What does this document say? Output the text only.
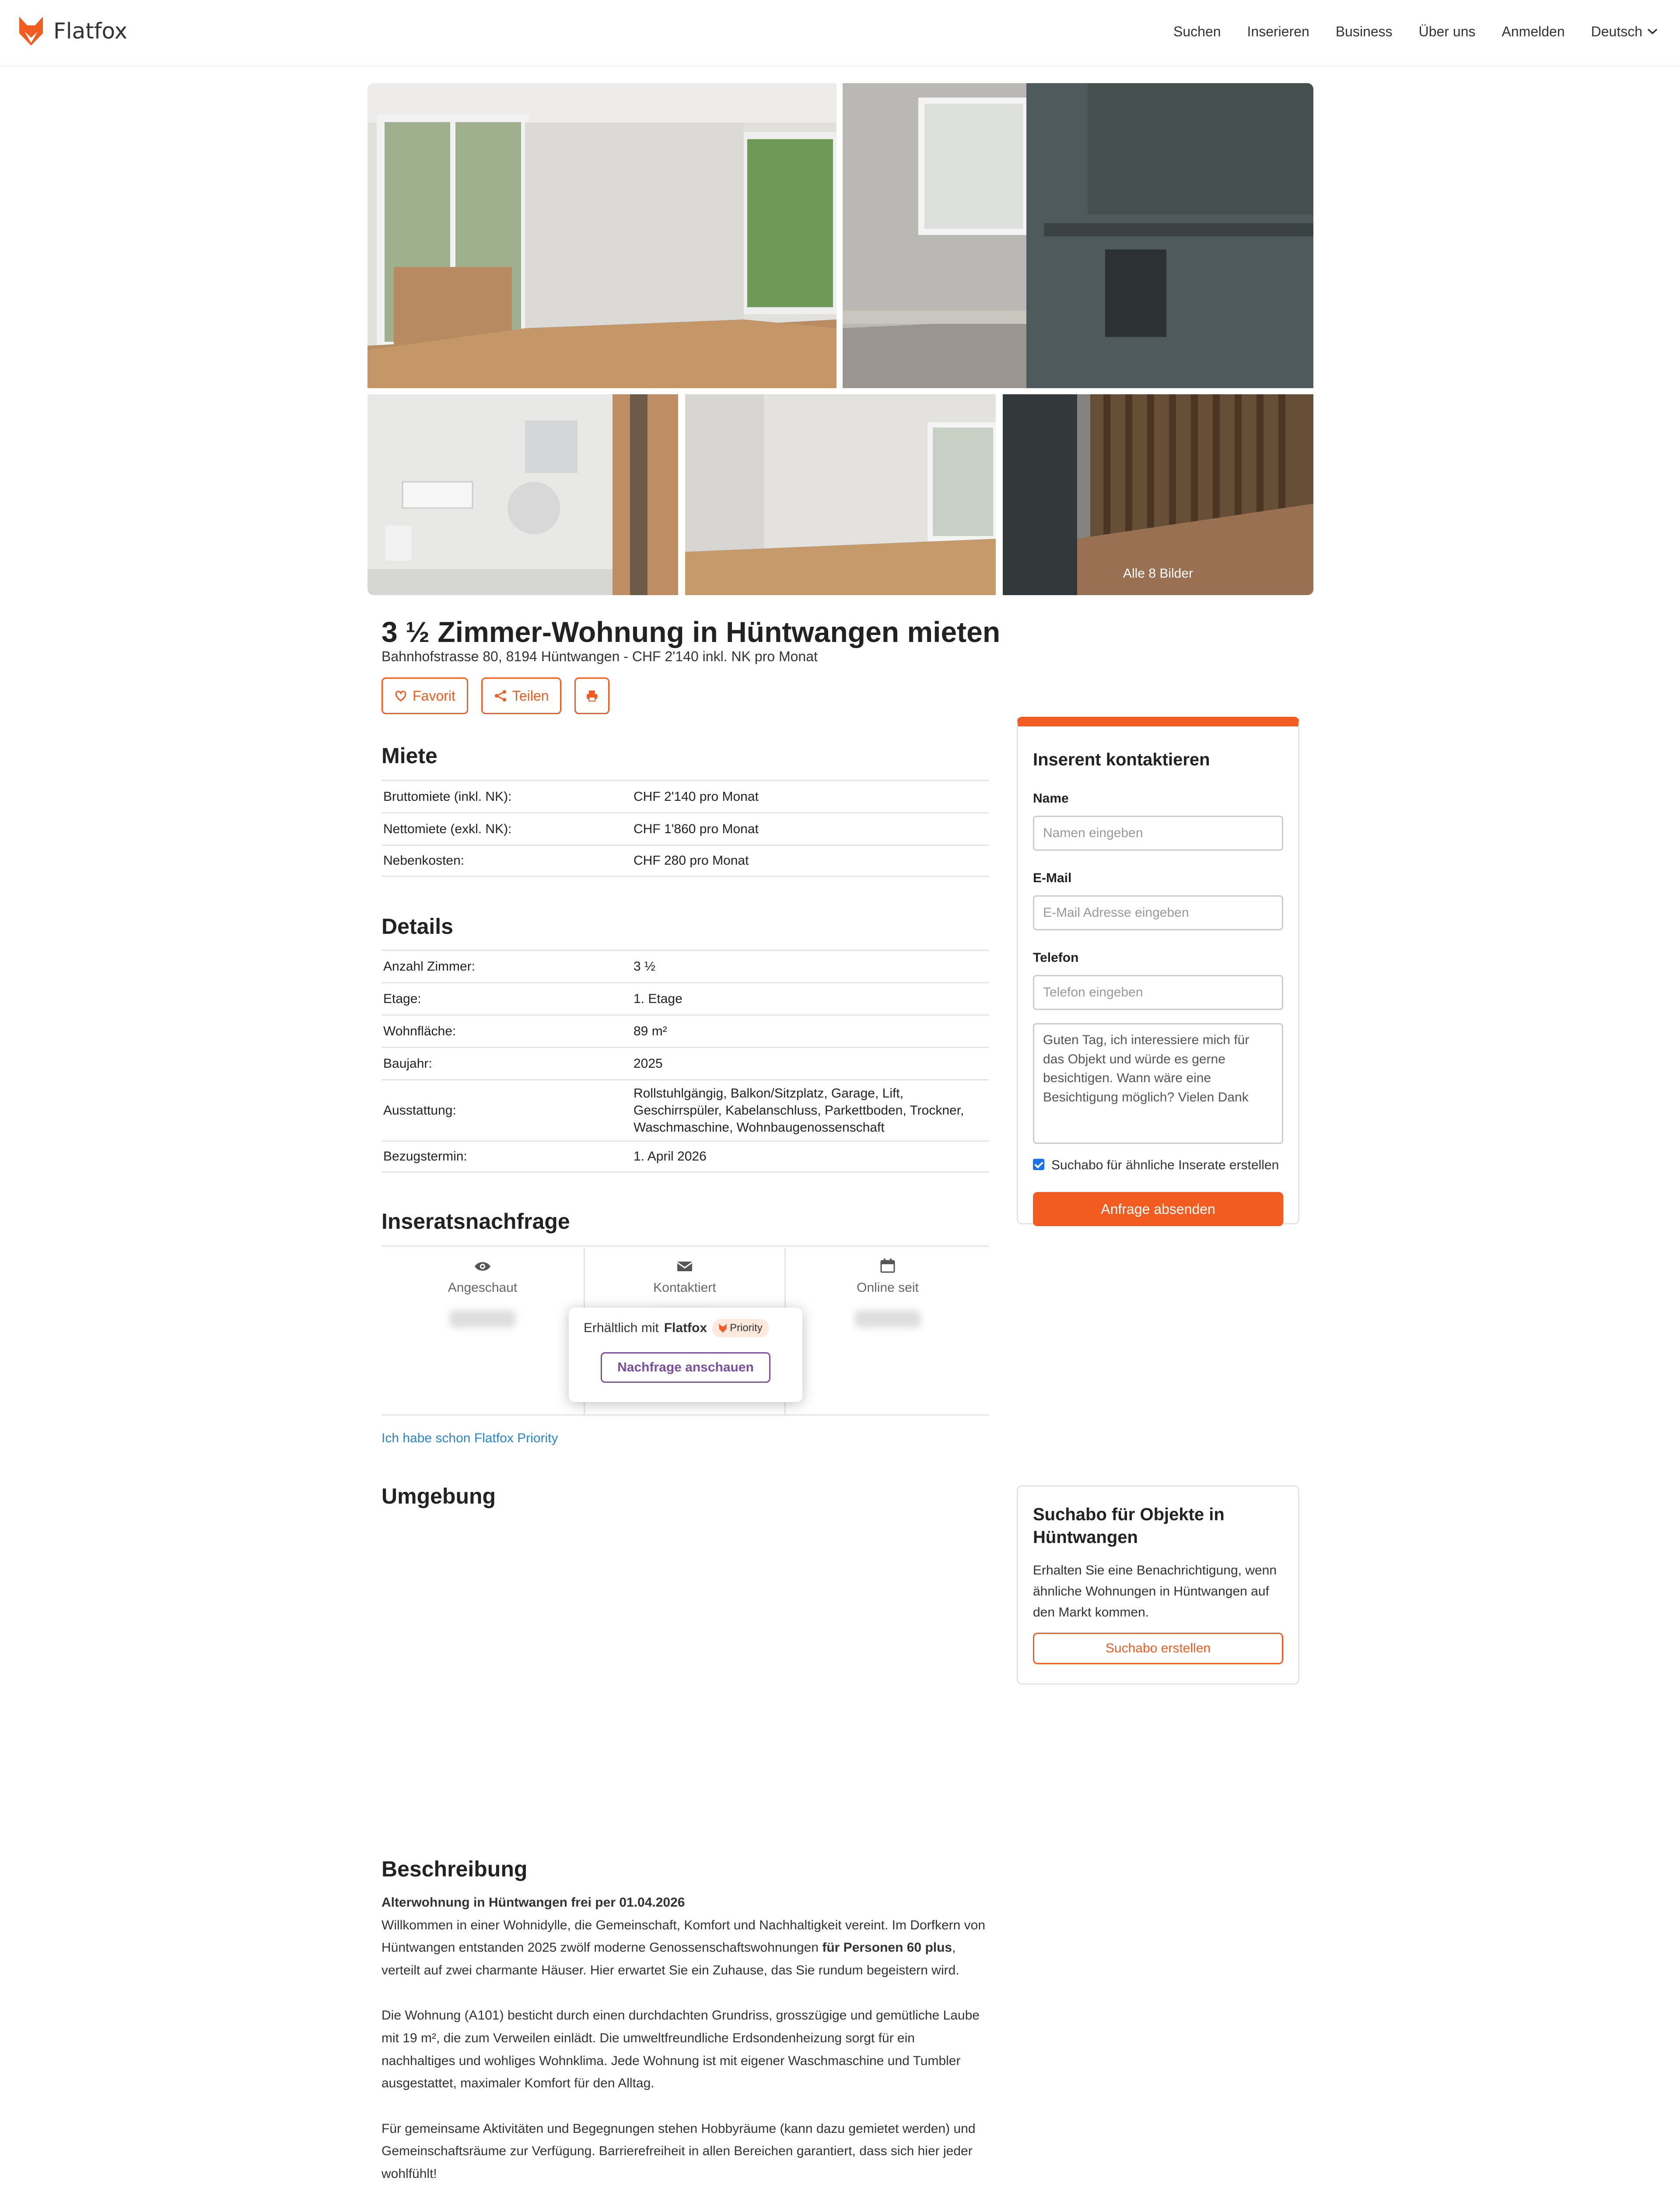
Flatfox	Suchen Inserieren Business Über uns Anmelden Deutsch
Alle 8 Bilder
3 ½ Zimmer-Wohnung in Hüntwangen mieten
Bahnhofstrasse 80, 8194 Hüntwangen - CHF 2'140 inkl. NK pro Monat
Favorit	Teilen
Miete
Bruttomiete (inkl. NK):	CHF 2'140 pro Monat
Nettomiete (exkl. NK):	CHF 1'860 pro Monat
Nebenkosten:	CHF 280 pro Monat
Details
Anzahl Zimmer:	3 ½
Etage:	1. Etage
Wohnfläche:	89 m²
Baujahr:	2025
Ausstattung:
Rollstuhlgängig, Balkon/Sitzplatz, Garage, Lift, Geschirrspüler, Kabelanschluss, Parkettboden, Trockner, Waschmaschine, Wohnbaugenossenschaft
Bezugstermin:	1. April 2026
Inseratsnachfrage
Angeschaut	Kontaktiert	Online seit
Erhältlich mit Flatfox Priority
Nachfrage anschauen
Ich habe schon Flatfox Priority
Inserent kontaktieren
Name
Namen eingeben
E-Mail
E-Mail Adresse eingeben
Telefon
Telefon eingeben
Guten Tag, ich interessiere mich für das Objekt und würde es gerne besichtigen. Wann wäre eine Besichtigung möglich? Vielen Dank
Suchabo für ähnliche Inserate erstellen
Anfrage absenden
Umgebung
Suchabo für Objekte in Hüntwangen

Erhalten Sie eine Benachrichtigung, wenn ähnliche Wohnungen in Hüntwangen auf den Markt kommen.

Suchabo erstellen
Beschreibung

Alterwohnung in Hüntwangen frei per 01.04.2026

Willkommen in einer Wohnidylle, die Gemeinschaft, Komfort und Nachhaltigkeit vereint. Im Dorfkern von Hüntwangen entstanden 2025 zwölf moderne Genossenschaftswohnungen für Personen 60 plus, verteilt auf zwei charmante Häuser. Hier erwartet Sie ein Zuhause, das Sie rundum begeistern wird.

Die Wohnung (A101) besticht durch einen durchdachten Grundriss, grosszügige und gemütliche Laube mit 19 m², die zum Verweilen einlädt. Die umweltfreundliche Erdsondenheizung sorgt für ein nachhaltiges und wohliges Wohnklima. Jede Wohnung ist mit eigener Waschmaschine und Tumbler ausgestattet, maximaler Komfort für den Alltag.

Für gemeinsame Aktivitäten und Begegnungen stehen Hobbyräume (kann dazu gemietet werden) und Gemeinschaftsräume zur Verfügung. Barrierefreiheit in allen Bereichen garantiert, dass sich hier jeder wohlfühlt!
